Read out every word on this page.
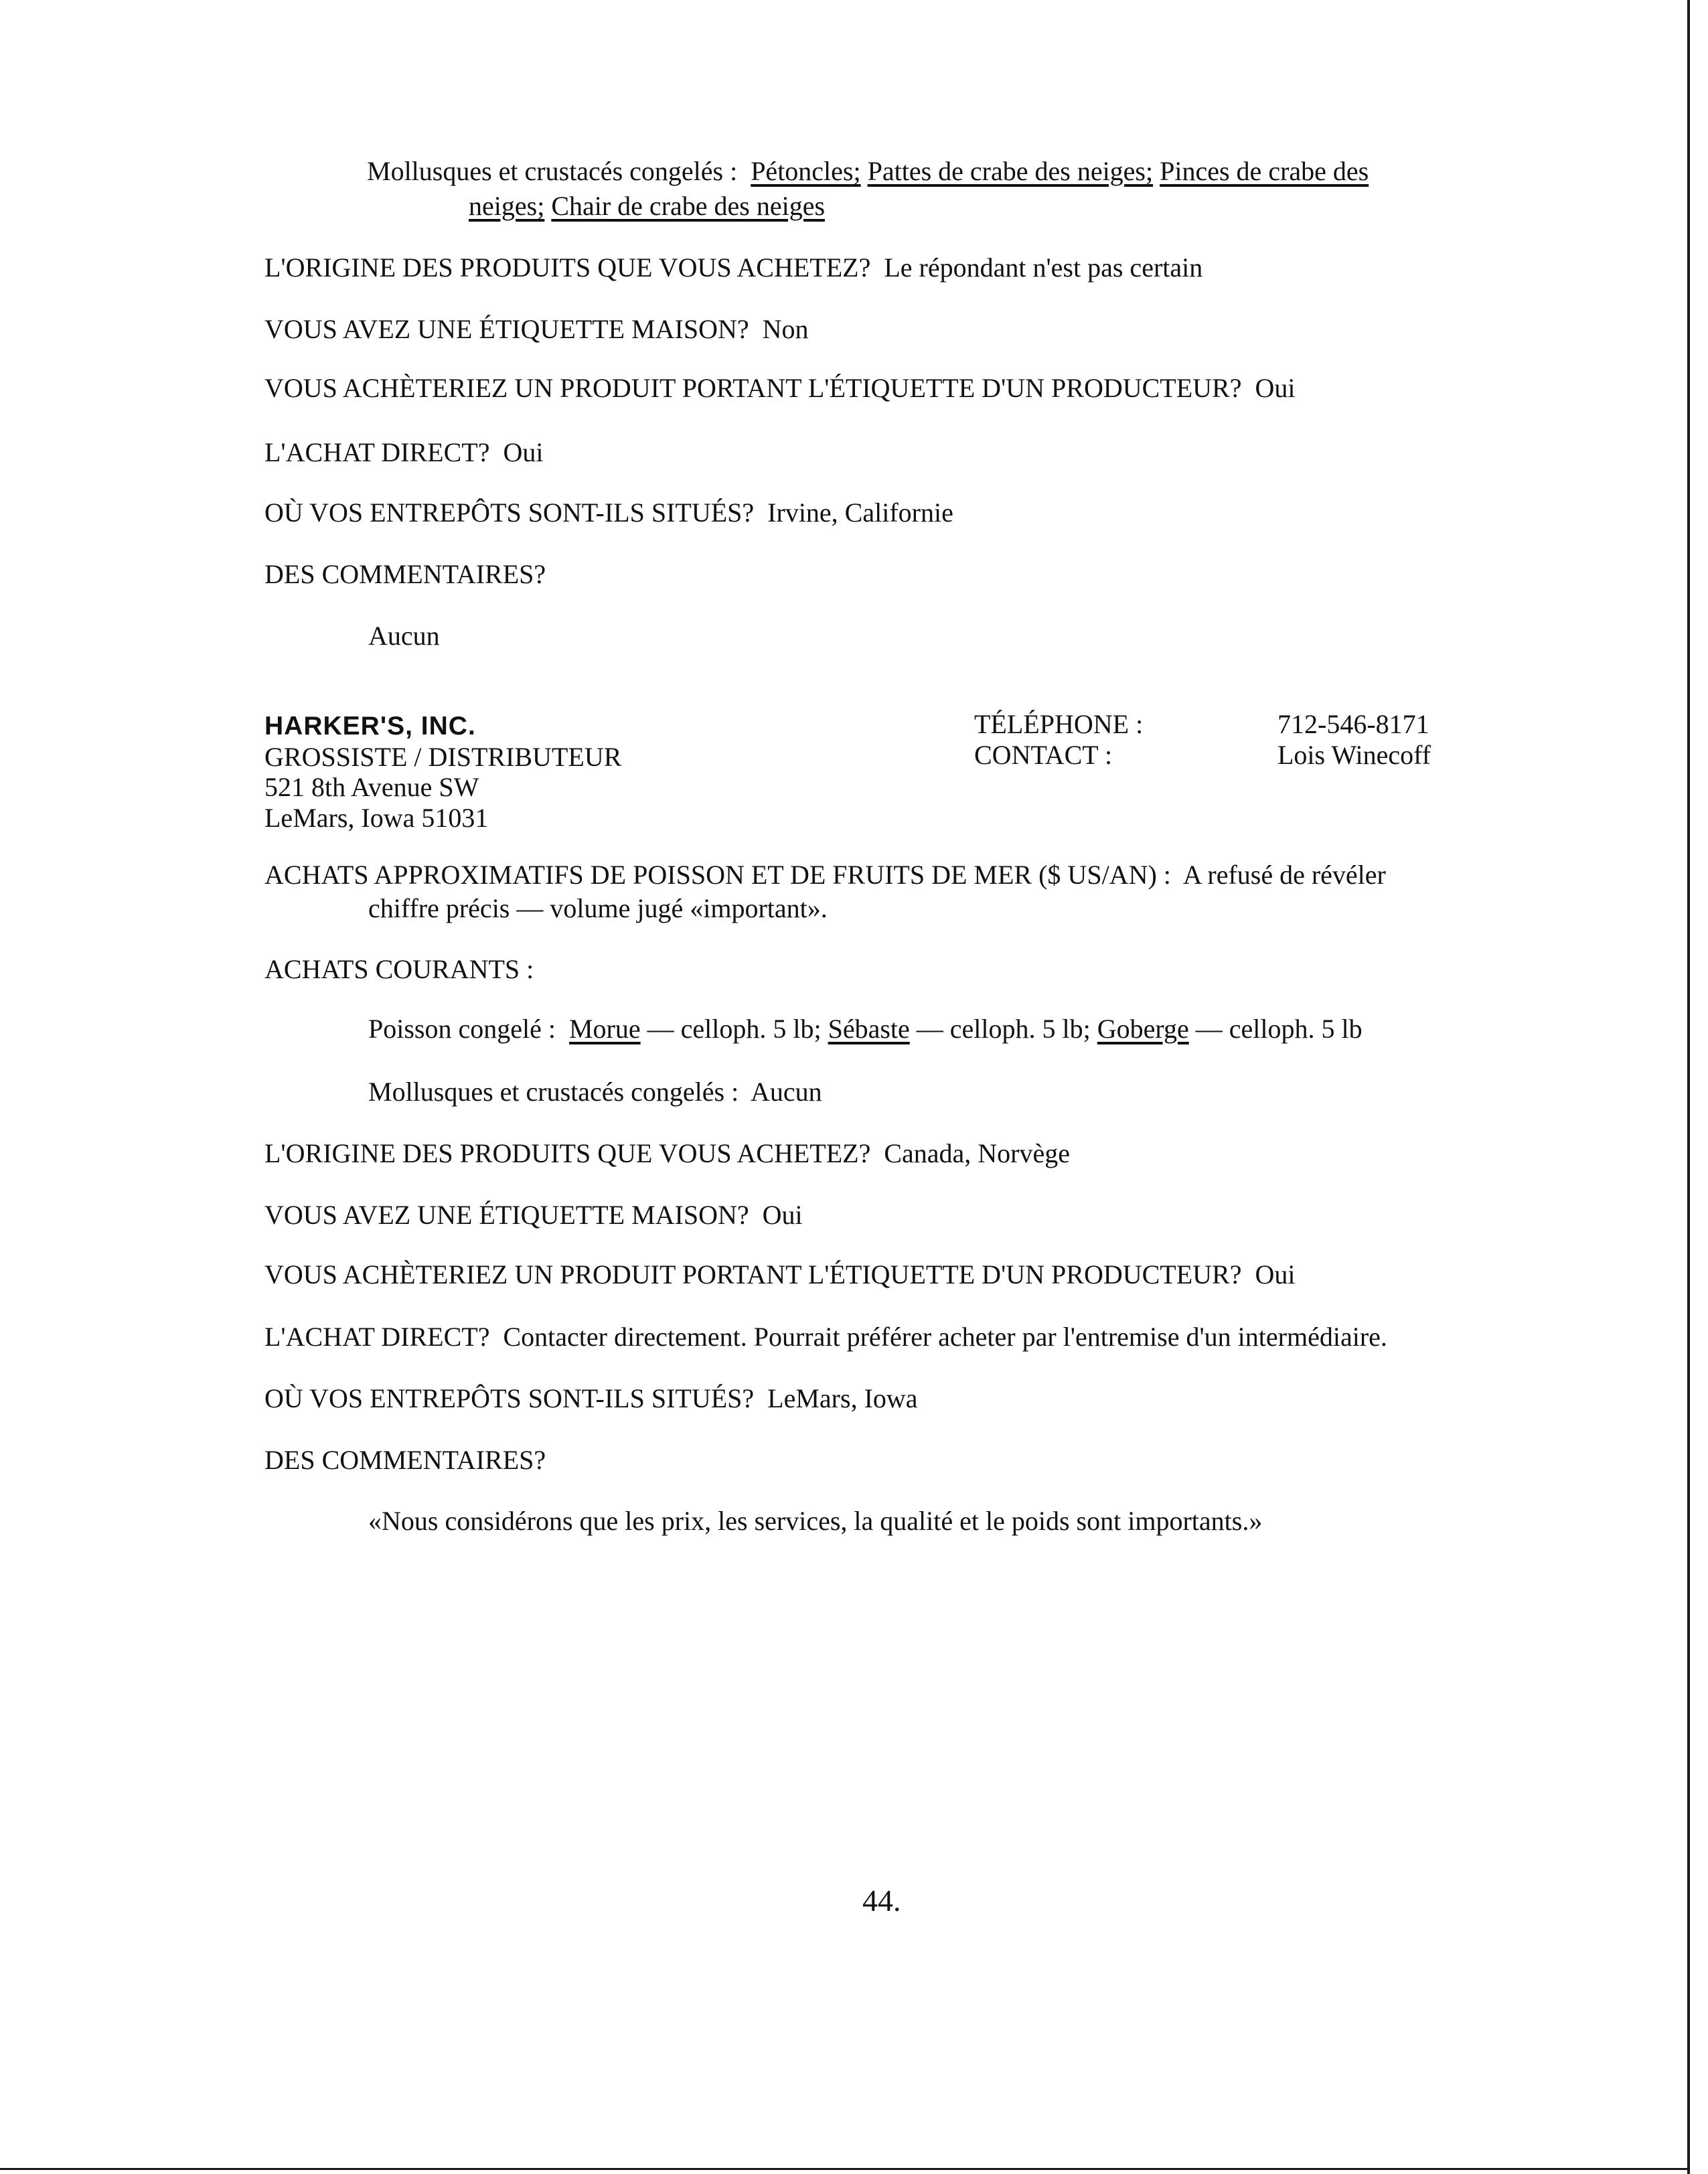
Mollusques et crustacés congelés : Pétoncles; Pattes de crabe des neiges; Pinces de crabe des
neiges; Chair de crabe des neiges
L'ORIGINE DES PRODUITS QUE VOUS ACHETEZ? Le répondant n'est pas certain
VOUS AVEZ UNE ÉTIQUETTE MAISON? Non
VOUS ACHÈTERIEZ UN PRODUIT PORTANT L'ÉTIQUETTE D'UN PRODUCTEUR? Oui
L'ACHAT DIRECT? Oui
OÙ VOS ENTREPÔTS SONT-ILS SITUÉS? Irvine, Californie
DES COMMENTAIRES?
Aucun
HARKER'S, INC.
GROSSISTE / DISTRIBUTEUR
521 8th Avenue SW
LeMars, Iowa 51031
TÉLÉPHONE :	712-546-8171
CONTACT :	Lois Winecoff
ACHATS APPROXIMATIFS DE POISSON ET DE FRUITS DE MER ($ US/AN) : A refusé de révéler
chiffre précis — volume jugé «important».
ACHATS COURANTS :
Poisson congelé : Morue — celloph. 5 lb; Sébaste — celloph. 5 lb; Goberge — celloph. 5 lb
Mollusques et crustacés congelés : Aucun
L'ORIGINE DES PRODUITS QUE VOUS ACHETEZ? Canada, Norvège
VOUS AVEZ UNE ÉTIQUETTE MAISON? Oui
VOUS ACHÈTERIEZ UN PRODUIT PORTANT L'ÉTIQUETTE D'UN PRODUCTEUR? Oui
L'ACHAT DIRECT? Contacter directement. Pourrait préférer acheter par l'entremise d'un intermédiaire.
OÙ VOS ENTREPÔTS SONT-ILS SITUÉS? LeMars, Iowa
DES COMMENTAIRES?
«Nous considérons que les prix, les services, la qualité et le poids sont importants.»
44.
